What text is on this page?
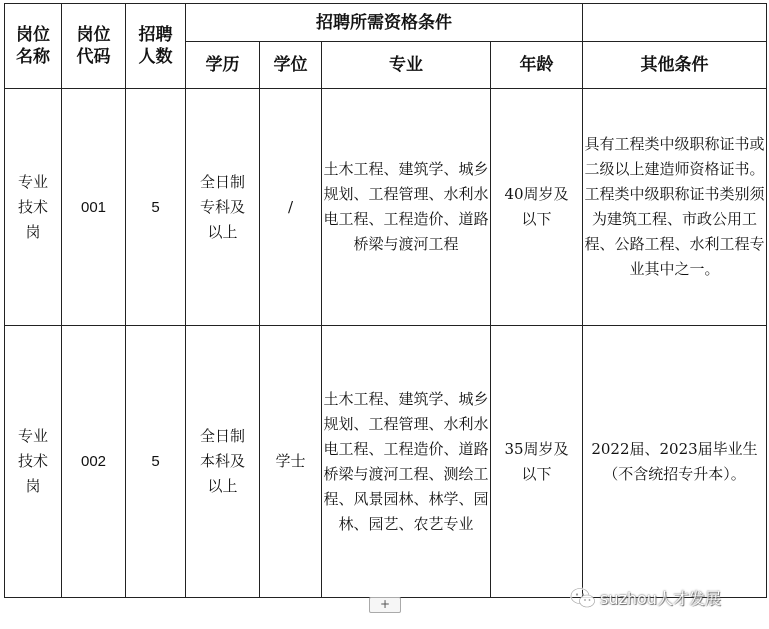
岗位名称	岗位代码	招聘人数	招聘所需资格条件				
			学历	学位	专业	年龄	其他条件

专业技术岗	001	5	全日制专科及以上	/	土木工程、建筑学、城乡规划、工程管理、水利水电工程、工程造价、道路桥梁与渡河工程	40周岁及以下	具有工程类中级职称证书或二级以上建造师资格证书。工程类中级职称证书类别须为建筑工程、市政公用工程、公路工程、水利工程专业其中之一。

专业技术岗	002	5	全日制本科及以上	学士	土木工程、建筑学、城乡规划、工程管理、水利水电工程、工程造价、道路桥梁与渡河工程、测绘工程、风景园林、林学、园林、园艺、农艺专业	35周岁及以下	2022届、2023届毕业生（不含统招专升本）。
+	suzhou人才发展
